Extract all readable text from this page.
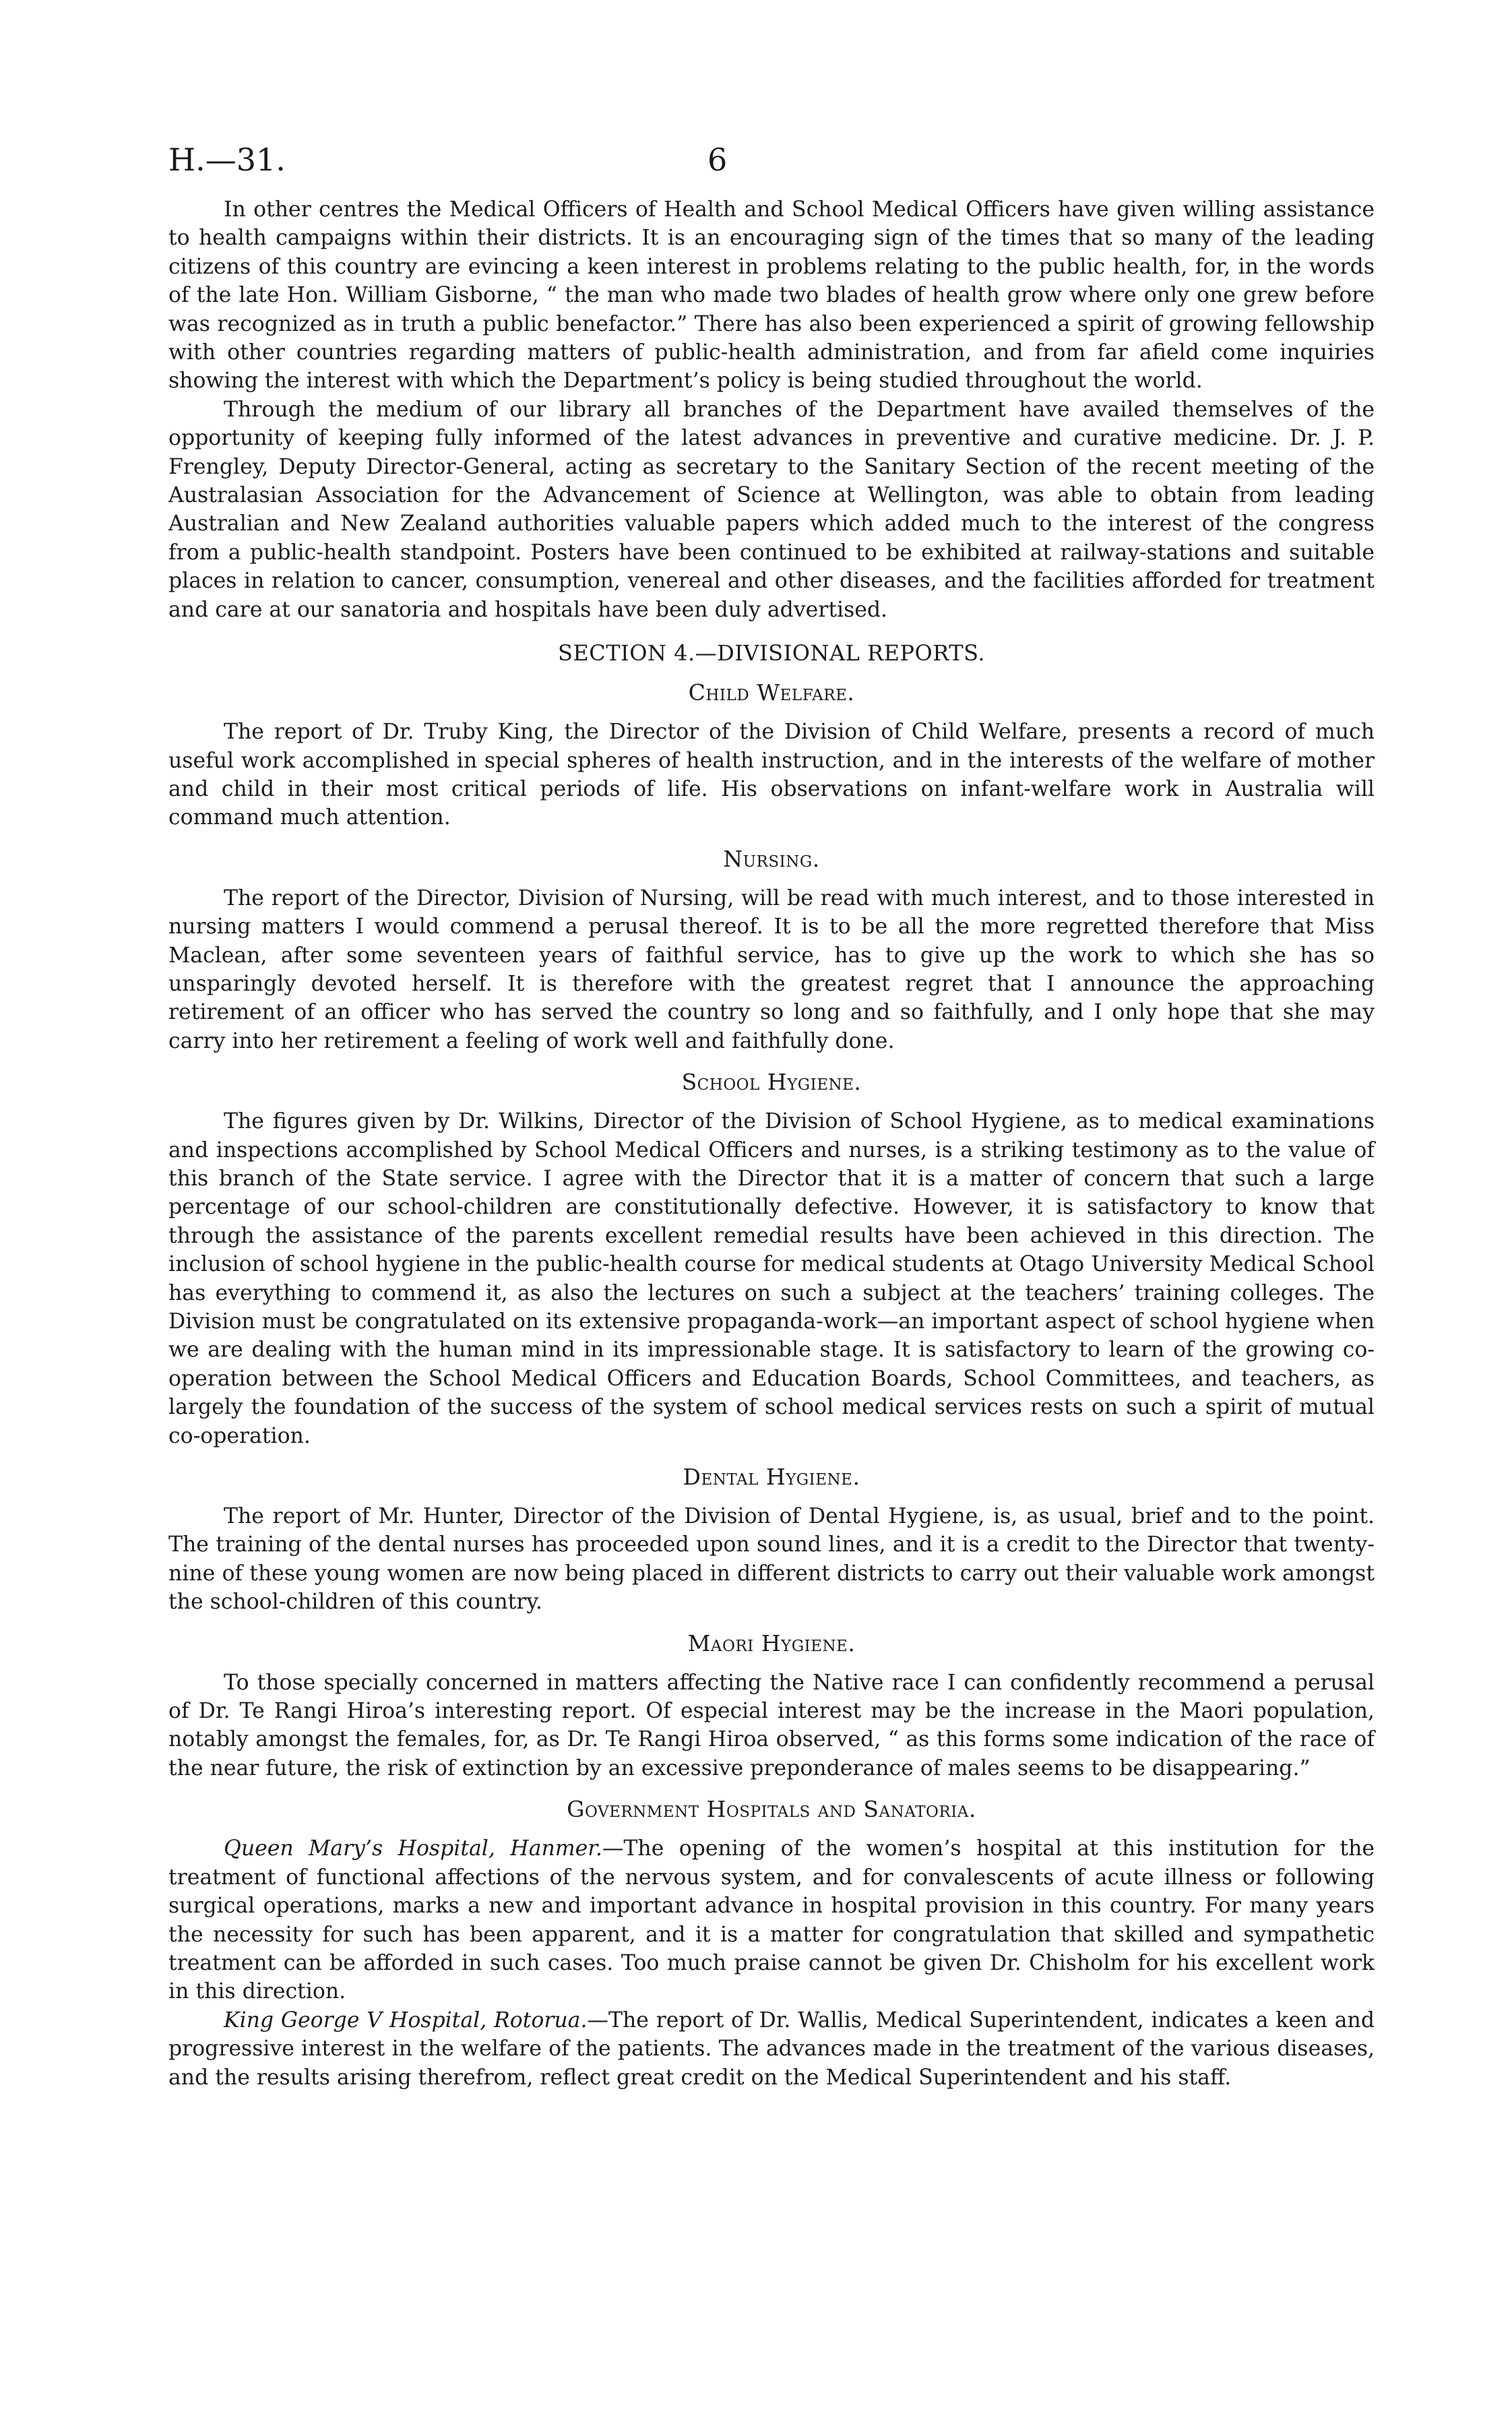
H.—31.	6

In other centres the Medical Officers of Health and School Medical Officers have given willing assistance to health campaigns within their districts. It is an encouraging sign of the times that so many of the leading citizens of this country are evincing a keen interest in problems relating to the public health, for, in the words of the late Hon. William Gisborne, “ the man who made two blades of health grow where only one grew before was recognized as in truth a public benefactor.” There has also been experienced a spirit of growing fellowship with other countries regarding matters of public-health administration, and from far afield come inquiries showing the interest with which the Department’s policy is being studied throughout the world.

Through the medium of our library all branches of the Department have availed themselves of the opportunity of keeping fully informed of the latest advances in preventive and curative medicine. Dr. J. P. Frengley, Deputy Director-General, acting as secretary to the Sanitary Section of the recent meeting of the Australasian Association for the Advancement of Science at Wellington, was able to obtain from leading Australian and New Zealand authorities valuable papers which added much to the interest of the congress from a public-health standpoint. Posters have been continued to be exhibited at railway-stations and suitable places in relation to cancer, consumption, venereal and other diseases, and the facilities afforded for treatment and care at our sanatoria and hospitals have been duly advertised.

SECTION 4.—DIVISIONAL REPORTS.
Child Welfare.

The report of Dr. Truby King, the Director of the Division of Child Welfare, presents a record of much useful work accomplished in special spheres of health instruction, and in the interests of the welfare of mother and child in their most critical periods of life. His observations on infant-welfare work in Australia will command much attention.

Nursing.

The report of the Director, Division of Nursing, will be read with much interest, and to those interested in nursing matters I would commend a perusal thereof. It is to be all the more regretted therefore that Miss Maclean, after some seventeen years of faithful service, has to give up the work to which she has so unsparingly devoted herself. It is therefore with the greatest regret that I announce the approaching retirement of an officer who has served the country so long and so faithfully, and I only hope that she may carry into her retirement a feeling of work well and faithfully done.

School Hygiene.

The figures given by Dr. Wilkins, Director of the Division of School Hygiene, as to medical examinations and inspections accomplished by School Medical Officers and nurses, is a striking testimony as to the value of this branch of the State service. I agree with the Director that it is a matter of concern that such a large percentage of our school-children are constitutionally defective. However, it is satisfactory to know that through the assistance of the parents excellent remedial results have been achieved in this direction. The inclusion of school hygiene in the public-health course for medical students at Otago University Medical School has everything to commend it, as also the lectures on such a subject at the teachers’ training colleges. The Division must be congratulated on its extensive propaganda-work—an important aspect of school hygiene when we are dealing with the human mind in its impressionable stage. It is satisfactory to learn of the growing co-operation between the School Medical Officers and Education Boards, School Committees, and teachers, as largely the foundation of the success of the system of school medical services rests on such a spirit of mutual co-operation.

Dental Hygiene.

The report of Mr. Hunter, Director of the Division of Dental Hygiene, is, as usual, brief and to the point. The training of the dental nurses has proceeded upon sound lines, and it is a credit to the Director that twenty-nine of these young women are now being placed in different districts to carry out their valuable work amongst the school-children of this country.

Maori Hygiene.

To those specially concerned in matters affecting the Native race I can confidently recommend a perusal of Dr. Te Rangi Hiroa’s interesting report. Of especial interest may be the increase in the Maori population, notably amongst the females, for, as Dr. Te Rangi Hiroa observed, “ as this forms some indication of the race of the near future, the risk of extinction by an excessive preponderance of males seems to be disappearing.”

Government Hospitals and Sanatoria.

Queen Mary’s Hospital, Hanmer.—The opening of the women’s hospital at this institution for the treatment of functional affections of the nervous system, and for convalescents of acute illness or following surgical operations, marks a new and important advance in hospital provision in this country. For many years the necessity for such has been apparent, and it is a matter for congratulation that skilled and sympathetic treatment can be afforded in such cases. Too much praise cannot be given Dr. Chisholm for his excellent work in this direction.

King George V Hospital, Rotorua.—The report of Dr. Wallis, Medical Superintendent, indicates a keen and progressive interest in the welfare of the patients. The advances made in the treatment of the various diseases, and the results arising therefrom, reflect great credit on the Medical Superintendent and his staff.
